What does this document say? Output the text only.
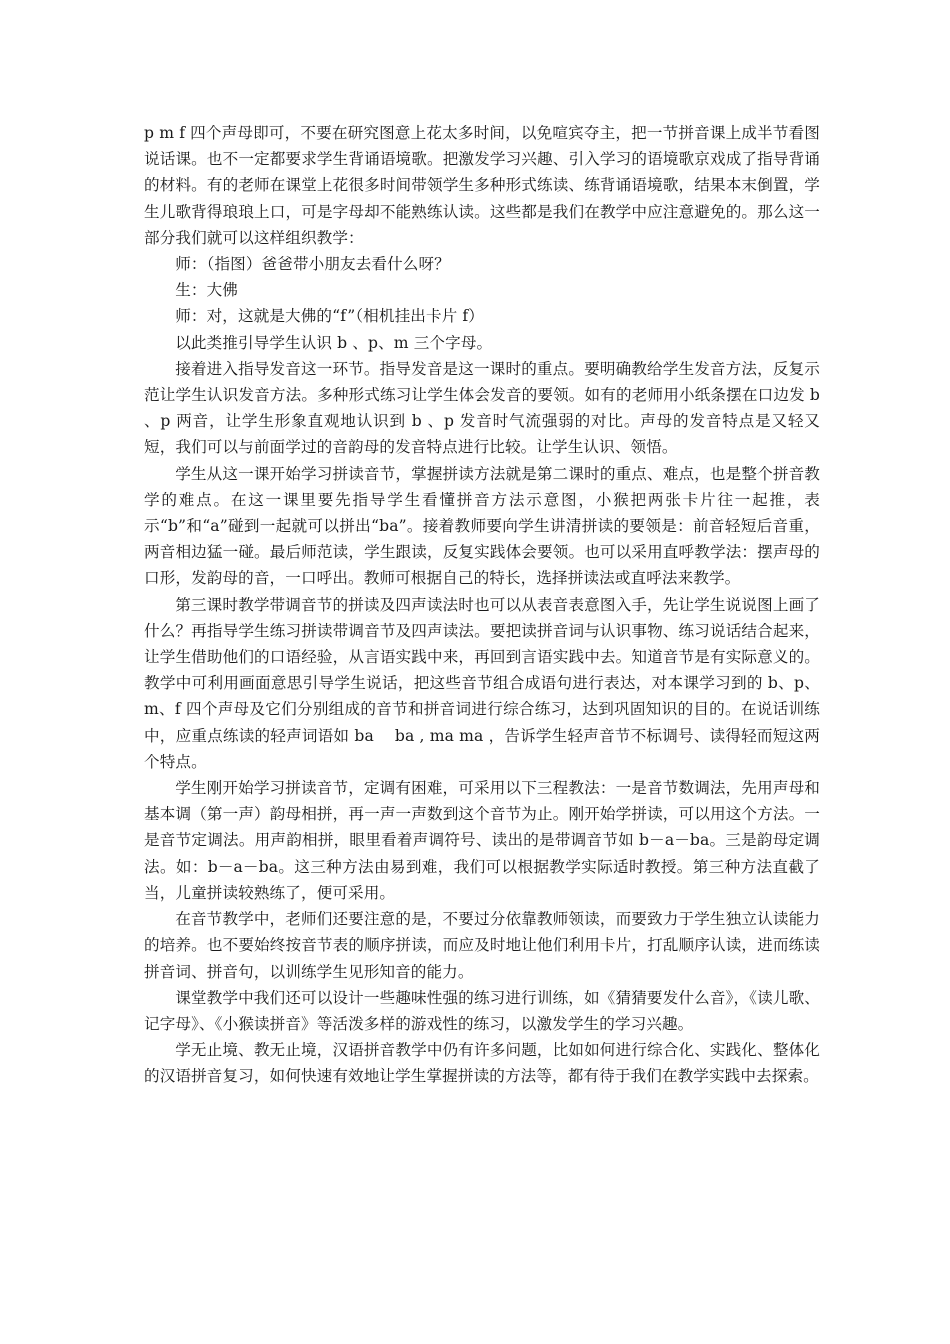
p m f 四个声母即可，不要在研究图意上花太多时间，以免喧宾夺主，把一节拼音课上成半节看图说话课。也不一定都要求学生背诵语境歌。把激发学习兴趣、引入学习的语境歌京戏成了指导背诵的材料。有的老师在课堂上花很多时间带领学生多种形式练读、练背诵语境歌，结果本末倒置，学生儿歌背得琅琅上口，可是字母却不能熟练认读。这些都是我们在教学中应注意避免的。那么这一部分我们就可以这样组织教学：

师：（指图）爸爸带小朋友去看什么呀？

生：大佛

师：对，这就是大佛的“f”（相机挂出卡片 f）

以此类推引导学生认识 b 、p、m 三个字母。

接着进入指导发音这一环节。指导发音是这一课时的重点。要明确教给学生发音方法，反复示范让学生认识发音方法。多种形式练习让学生体会发音的要领。如有的老师用小纸条摆在口边发 b 、p 两音，让学生形象直观地认识到 b 、p 发音时气流强弱的对比。声母的发音特点是又轻又短，我们可以与前面学过的音韵母的发音特点进行比较。让学生认识、领悟。

学生从这一课开始学习拼读音节，掌握拼读方法就是第二课时的重点、难点，也是整个拼音教学的难点。在这一课里要先指导学生看懂拼音方法示意图，小猴把两张卡片往一起推，表示“b”和“a”碰到一起就可以拼出“ba”。接着教师要向学生讲清拼读的要领是：前音轻短后音重，两音相边猛一碰。最后师范读，学生跟读，反复实践体会要领。也可以采用直呼教学法：摆声母的口形，发韵母的音，一口呼出。教师可根据自己的特长，选择拼读法或直呼法来教学。

第三课时教学带调音节的拼读及四声读法时也可以从表音表意图入手，先让学生说说图上画了什么？再指导学生练习拼读带调音节及四声读法。要把读拼音词与认识事物、练习说话结合起来，让学生借助他们的口语经验，从言语实践中来，再回到言语实践中去。知道音节是有实际意义的。教学中可利用画面意思引导学生说话，把这些音节组合成语句进行表达，对本课学习到的 b、p、m、f 四个声母及它们分别组成的音节和拼音词进行综合练习，达到巩固知识的目的。在说话训练中，应重点练读的轻声词语如 ba　 ba , ma ma ，告诉学生轻声音节不标调号、读得轻而短这两个特点。

学生刚开始学习拼读音节，定调有困难，可采用以下三程教法：一是音节数调法，先用声母和基本调（第一声）韵母相拼，再一声一声数到这个音节为止。刚开始学拼读，可以用这个方法。一是音节定调法。用声韵相拼，眼里看着声调符号、读出的是带调音节如 b－a－ba。三是韵母定调法。如：b－a－ba。这三种方法由易到难，我们可以根据教学实际适时教授。第三种方法直截了当，儿童拼读较熟练了，便可采用。

在音节教学中，老师们还要注意的是，不要过分依靠教师领读，而要致力于学生独立认读能力的培养。也不要始终按音节表的顺序拼读，而应及时地让他们利用卡片，打乱顺序认读，进而练读拼音词、拼音句，以训练学生见形知音的能力。

课堂教学中我们还可以设计一些趣味性强的练习进行训练，如《猜猜要发什么音》，《读儿歌、记字母》、《小猴读拼音》等活泼多样的游戏性的练习，以激发学生的学习兴趣。

学无止境、教无止境，汉语拼音教学中仍有许多问题，比如如何进行综合化、实践化、整体化的汉语拼音复习，如何快速有效地让学生掌握拼读的方法等，都有待于我们在教学实践中去探索。
